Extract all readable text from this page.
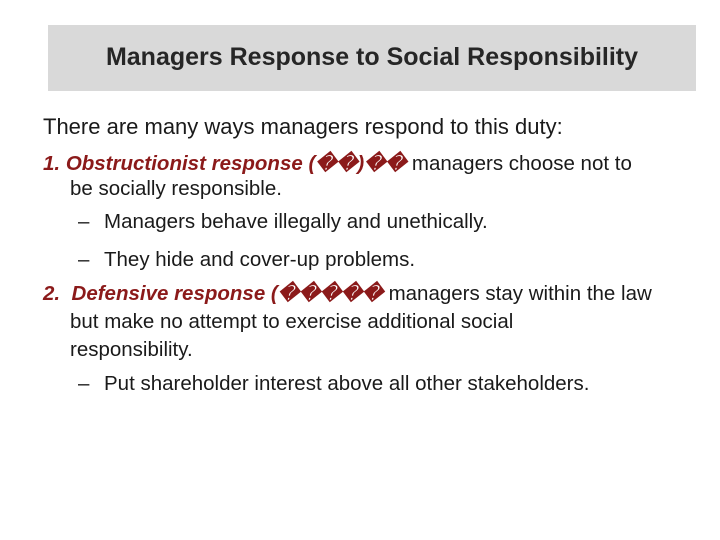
Managers Response to Social Responsibility
There are many ways managers respond to this duty:
1. Obstructionist response (��)�� managers choose not to
be socially responsible.
– Managers behave illegally and unethically.
– They hide and cover-up problems.
2. Defensive response (����� managers stay within the law
but make no attempt to exercise additional social
responsibility.
– Put shareholder interest above all other stakeholders.
